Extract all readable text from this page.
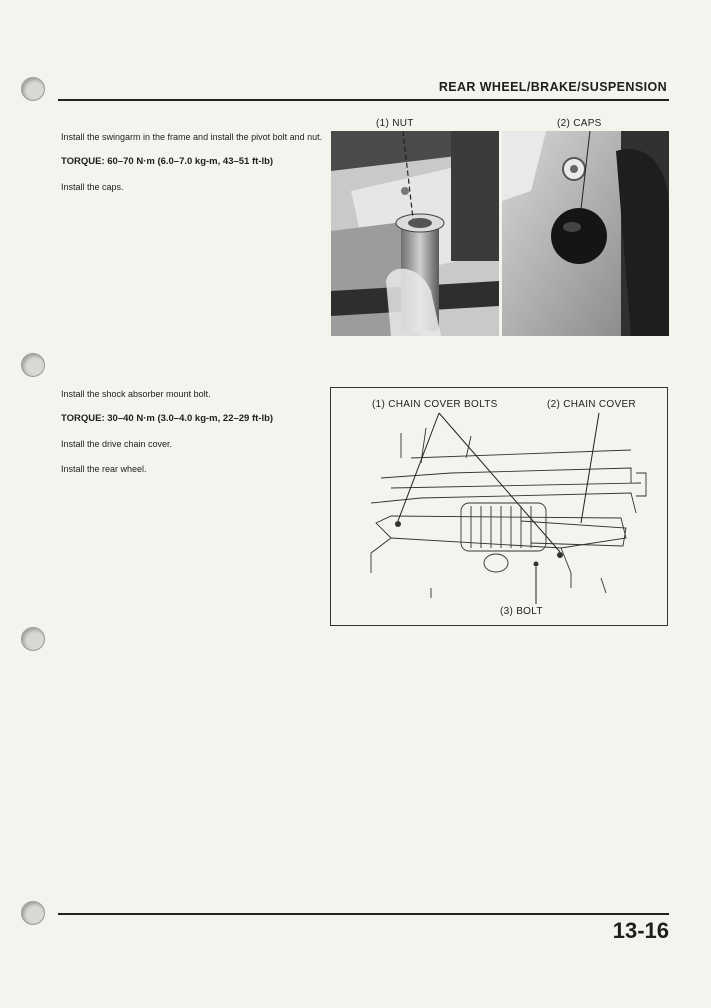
REAR WHEEL/BRAKE/SUSPENSION

Install the swingarm in the frame and install the pivot bolt and nut.

TORQUE: 60–70 N·m (6.0–7.0 kg-m, 43–51 ft-lb)

Install the caps.

(1) NUT	(2) CAPS

Install the shock absorber mount bolt.

TORQUE: 30–40 N·m (3.0–4.0 kg-m, 22–29 ft-lb)

Install the drive chain cover.

Install the rear wheel.

(1) CHAIN COVER BOLTS	(2) CHAIN COVER
(3) BOLT
13-16
